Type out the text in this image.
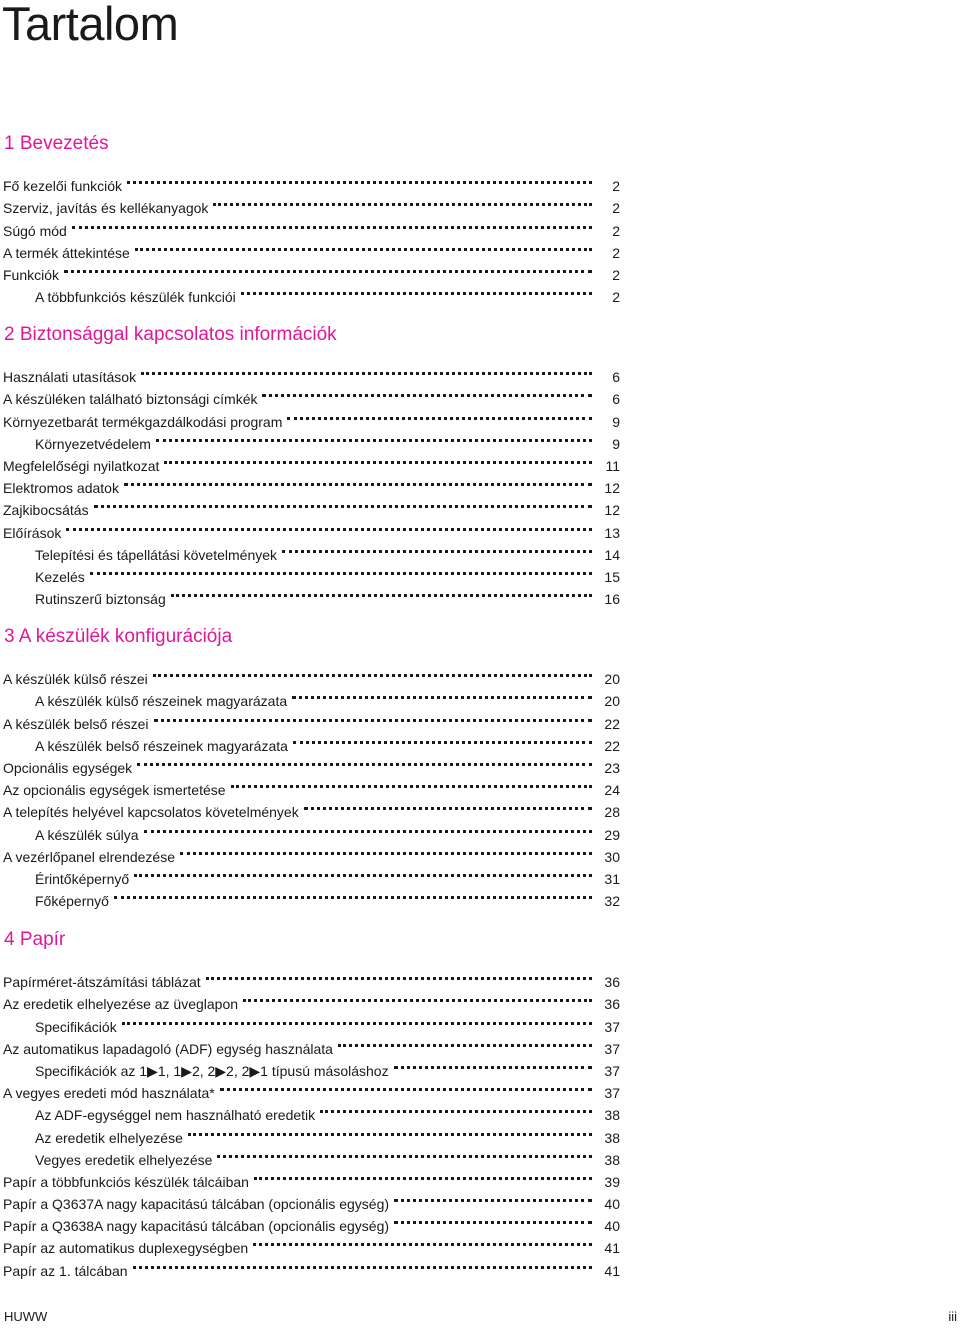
Tartalom
1 Bevezetés
Fő kezelői funkciók	2
Szerviz, javítás és kellékanyagok	2
Súgó mód	2
A termék áttekintése	2
Funkciók	2
A többfunkciós készülék funkciói	2
2 Biztonsággal kapcsolatos információk
Használati utasítások	6
A készüléken található biztonsági címkék	6
Környezetbarát termékgazdálkodási program	9
Környezetvédelem	9
Megfelelőségi nyilatkozat	11
Elektromos adatok	12
Zajkibocsátás	12
Előírások	13
Telepítési és tápellátási követelmények	14
Kezelés	15
Rutinszerű biztonság	16
3 A készülék konfigurációja
A készülék külső részei	20
A készülék külső részeinek magyarázata	20
A készülék belső részei	22
A készülék belső részeinek magyarázata	22
Opcionális egységek	23
Az opcionális egységek ismertetése	24
A telepítés helyével kapcsolatos követelmények	28
A készülék súlya	29
A vezérlőpanel elrendezése	30
Érintőképernyő	31
Főképernyő	32
4 Papír
Papírméret-átszámítási táblázat	36
Az eredetik elhelyezése az üveglapon	36
Specifikációk	37
Az automatikus lapadagoló (ADF) egység használata	37
Specifikációk az 1▶1, 1▶2, 2▶2, 2▶1 típusú másoláshoz	37
A vegyes eredeti mód használata*	37
Az ADF-egységgel nem használható eredetik	38
Az eredetik elhelyezése	38
Vegyes eredetik elhelyezése	38
Papír a többfunkciós készülék tálcáiban	39
Papír a Q3637A nagy kapacitású tálcában (opcionális egység)	40
Papír a Q3638A nagy kapacitású tálcában (opcionális egység)	40
Papír az automatikus duplexegységben	41
Papír az 1. tálcában	41
HUWW	iii
